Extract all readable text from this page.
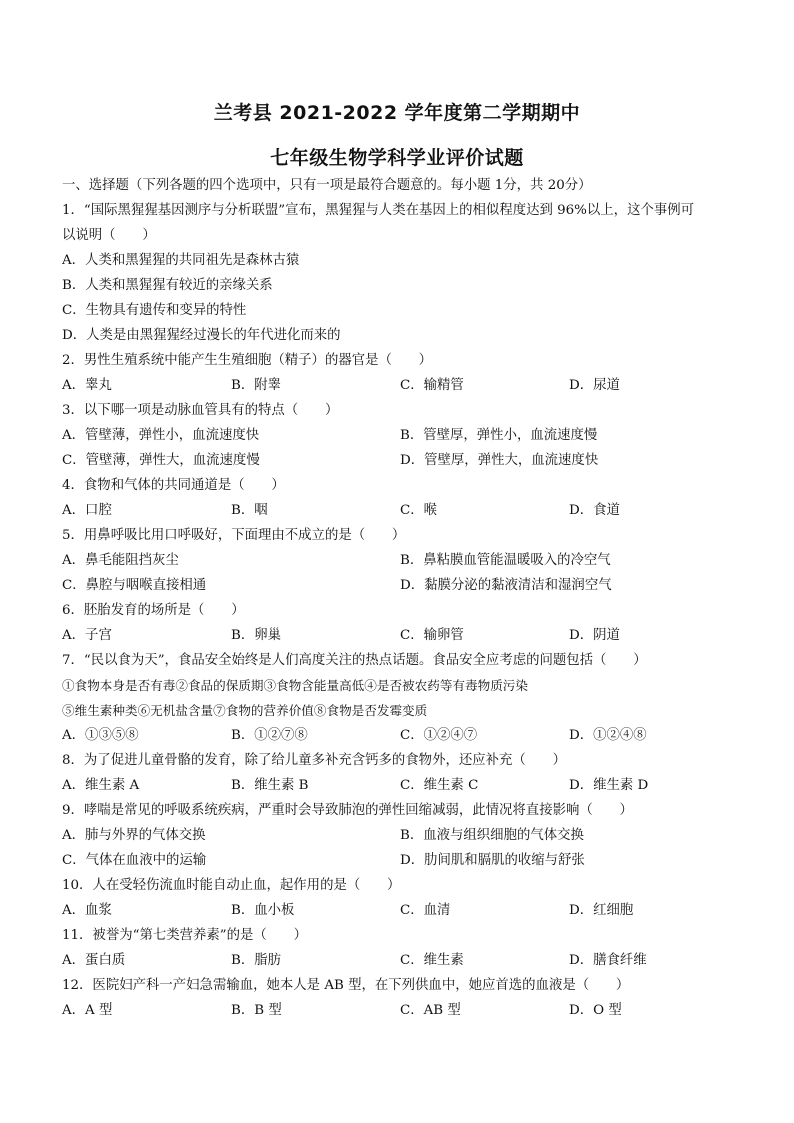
兰考县 2021-2022 学年度第二学期期中
七年级生物学科学业评价试题
一、选择题（下列各题的四个选项中，只有一项是最符合题意的。每小题 1分，共 20分）
1．“国际黑猩猩基因测序与分析联盟”宣布，黑猩猩与人类在基因上的相似程度达到 96%以上，这个事例可
以说明（　　）
A．人类和黑猩猩的共同祖先是森林古猿
B．人类和黑猩猩有较近的亲缘关系
C．生物具有遗传和变异的特性
D．人类是由黑猩猩经过漫长的年代进化而来的
2．男性生殖系统中能产生生殖细胞（精子）的器官是（　　）
A．睾丸	B．附睾	C．输精管	D．尿道
3．以下哪一项是动脉血管具有的特点（　　）
A．管壁薄，弹性小，血流速度快	B．管壁厚，弹性小，血流速度慢
C．管壁薄，弹性大，血流速度慢	D．管壁厚，弹性大，血流速度快
4．食物和气体的共同通道是（　　）
A．口腔	B．咽	C．喉	D．食道
5．用鼻呼吸比用口呼吸好，下面理由不成立的是（　　）
A．鼻毛能阻挡灰尘	B．鼻粘膜血管能温暖吸入的冷空气
C．鼻腔与咽喉直接相通	D．黏膜分泌的黏液清洁和湿润空气
6．胚胎发育的场所是（　　）
A．子宫	B．卵巢	C．输卵管	D．阴道
7．“民以食为天”，食品安全始终是人们高度关注的热点话题。食品安全应考虑的问题包括（　　）
①食物本身是否有毒②食品的保质期③食物含能量高低④是否被农药等有毒物质污染
⑤维生素种类⑥无机盐含量⑦食物的营养价值⑧食物是否发霉变质
A．①③⑤⑧	B．①②⑦⑧	C．①②④⑦	D．①②④⑧
8．为了促进儿童骨骼的发育，除了给儿童多补充含钙多的食物外，还应补充（　　）
A．维生素 A	B．维生素 B	C．维生素 C	D．维生素 D
9．哮喘是常见的呼吸系统疾病，严重时会导致肺泡的弹性回缩减弱，此情况将直接影响（　　）
A．肺与外界的气体交换	B．血液与组织细胞的气体交换
C．气体在血液中的运输	D．肋间肌和膈肌的收缩与舒张
10．人在受轻伤流血时能自动止血，起作用的是（　　）
A．血浆	B．血小板	C．血清	D．红细胞
11．被誉为“第七类营养素”的是（　　）
A．蛋白质	B．脂肪	C．维生素	D．膳食纤维
12．医院妇产科一产妇急需输血，她本人是 AB 型，在下列供血中，她应首选的血液是（　　）
A．A 型	B．B 型	C．AB 型	D．O 型
